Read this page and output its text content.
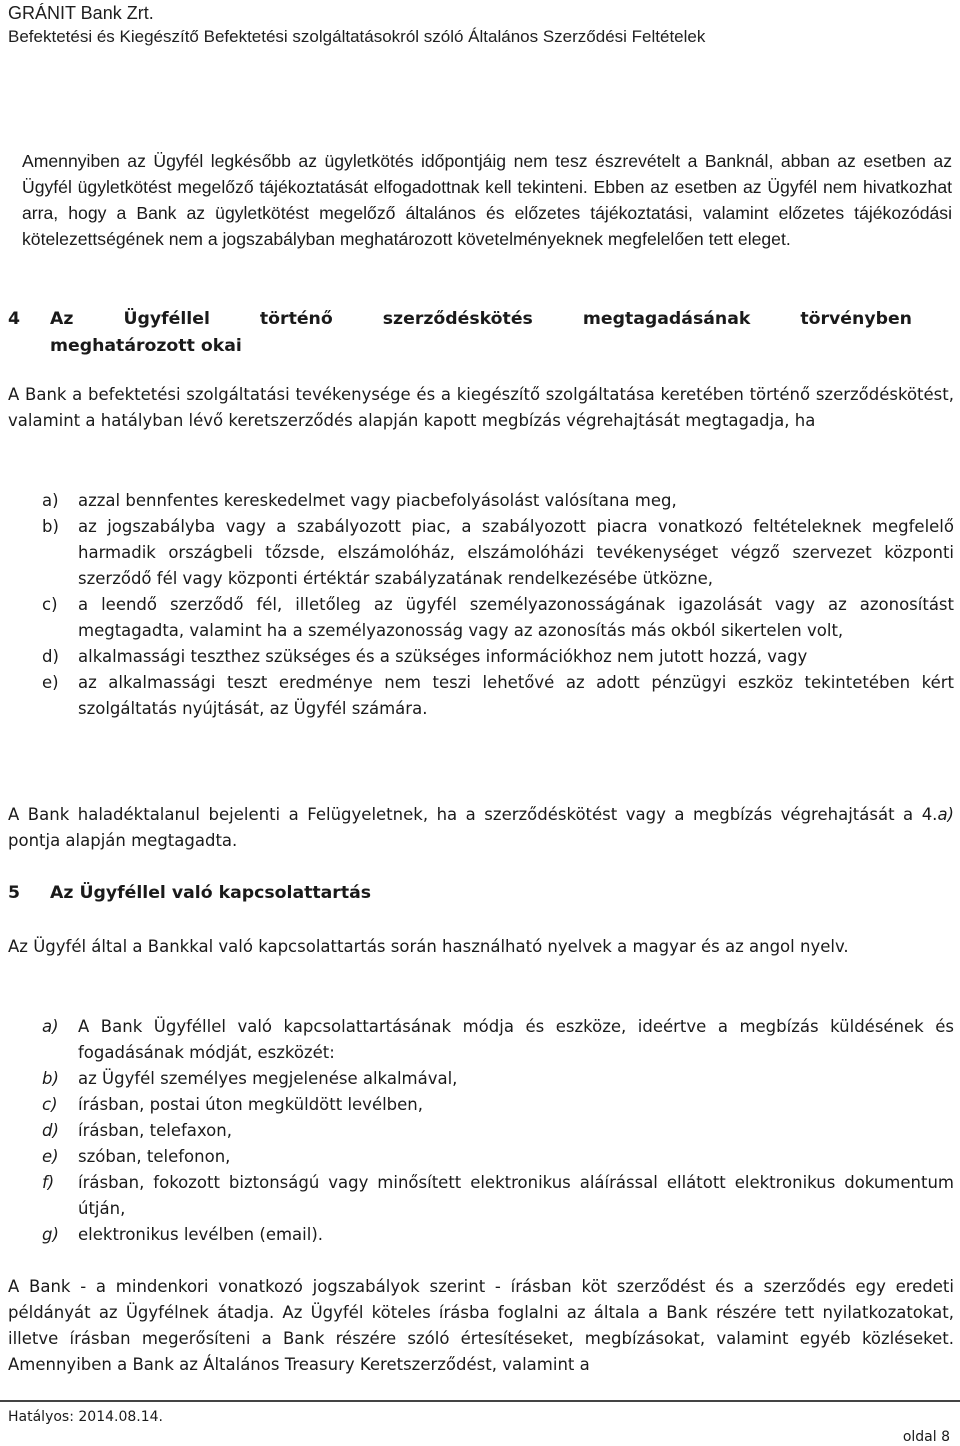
GRÁNIT Bank Zrt.
Befektetési és Kiegészítő Befektetési szolgáltatásokról szóló Általános Szerződési Feltételek

Amennyiben az Ügyfél legkésőbb az ügyletkötés időpontjáig nem tesz észrevételt a Banknál, abban az esetben az Ügyfél ügyletkötést megelőző tájékoztatását elfogadottnak kell tekinteni. Ebben az esetben az Ügyfél nem hivatkozhat arra, hogy a Bank az ügyletkötést megelőző általános és előzetes tájékoztatási, valamint előzetes tájékozódási kötelezettségének nem a jogszabályban meghatározott követelményeknek megfelelően tett eleget.

4 Az Ügyféllel történő szerződéskötés megtagadásának törvényben
meghatározott okai

A Bank a befektetési szolgáltatási tevékenysége és a kiegészítő szolgáltatása keretében történő szerződéskötést, valamint a hatályban lévő keretszerződés alapján kapott megbízás végrehajtását megtagadja, ha

a) azzal bennfentes kereskedelmet vagy piacbefolyásolást valósítana meg,
b) az jogszabályba vagy a szabályozott piac, a szabályozott piacra vonatkozó feltételeknek megfelelő harmadik országbeli tőzsde, elszámolóház, elszámolóházi tevékenységet végző szervezet központi szerződő fél vagy központi értéktár szabályzatának rendelkezésébe ütközne,
c) a leendő szerződő fél, illetőleg az ügyfél személyazonosságának igazolását vagy az azonosítást megtagadta, valamint ha a személyazonosság vagy az azonosítás más okból sikertelen volt,
d) alkalmassági teszthez szükséges és a szükséges információkhoz nem jutott hozzá, vagy
e) az alkalmassági teszt eredménye nem teszi lehetővé az adott pénzügyi eszköz tekintetében kért szolgáltatás nyújtását, az Ügyfél számára.

A Bank haladéktalanul bejelenti a Felügyeletnek, ha a szerződéskötést vagy a megbízás végrehajtását a 4.a) pontja alapján megtagadta.

5 Az Ügyféllel való kapcsolattartás

Az Ügyfél által a Bankkal való kapcsolattartás során használható nyelvek a magyar és az angol nyelv.

a) A Bank Ügyféllel való kapcsolattartásának módja és eszköze, ideértve a megbízás küldésének és fogadásának módját, eszközét:
b) az Ügyfél személyes megjelenése alkalmával,
c) írásban, postai úton megküldött levélben,
d) írásban, telefaxon,
e) szóban, telefonon,
f) írásban, fokozott biztonságú vagy minősített elektronikus aláírással ellátott elektronikus dokumentum útján,
g) elektronikus levélben (email).

A Bank - a mindenkori vonatkozó jogszabályok szerint - írásban köt szerződést és a szerződés egy eredeti példányát az Ügyfélnek átadja. Az Ügyfél köteles írásba foglalni az általa a Bank részére tett nyilatkozatokat, illetve írásban megerősíteni a Bank részére szóló értesítéseket, megbízásokat, valamint egyéb közléseket. Amennyiben a Bank az Általános Treasury Keretszerződést, valamint a

Hatályos: 2014.08.14.
oldal 8
